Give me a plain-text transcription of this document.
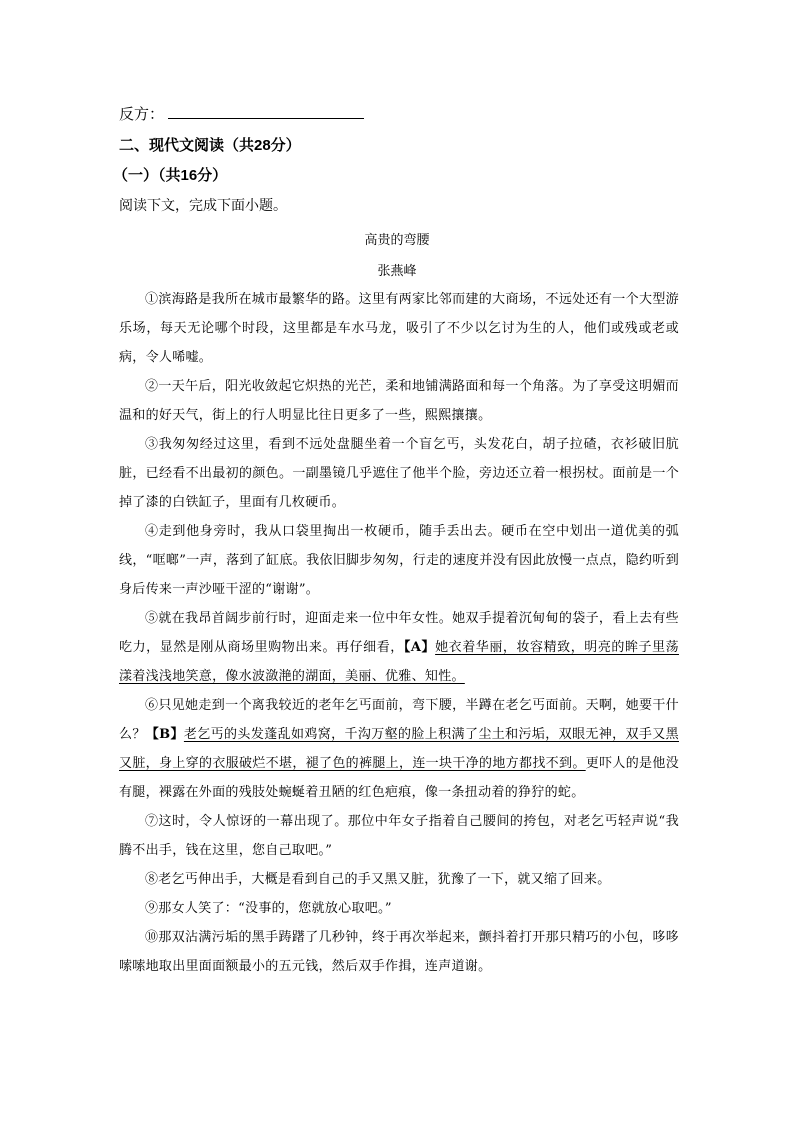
反方：
二、现代文阅读（共28分）
（一）（共16分）
阅读下文，完成下面小题。
高贵的弯腰
张燕峰

①滨海路是我所在城市最繁华的路。这里有两家比邻而建的大商场，不远处还有一个大型游乐场，每天无论哪个时段，这里都是车水马龙，吸引了不少以乞讨为生的人，他们或残或老或病，令人唏嘘。

②一天午后，阳光收敛起它炽热的光芒，柔和地铺满路面和每一个角落。为了享受这明媚而温和的好天气，街上的行人明显比往日更多了一些，熙熙攘攘。

③我匆匆经过这里，看到不远处盘腿坐着一个盲乞丐，头发花白，胡子拉碴，衣衫破旧肮脏，已经看不出最初的颜色。一副墨镜几乎遮住了他半个脸，旁边还立着一根拐杖。面前是一个掉了漆的白铁缸子，里面有几枚硬币。

④走到他身旁时，我从口袋里掏出一枚硬币，随手丢出去。硬币在空中划出一道优美的弧线，“哐啷”一声，落到了缸底。我依旧脚步匆匆，行走的速度并没有因此放慢一点点，隐约听到身后传来一声沙哑干涩的“谢谢”。

⑤就在我昂首阔步前行时，迎面走来一位中年女性。她双手提着沉甸甸的袋子，看上去有些吃力，显然是刚从商场里购物出来。再仔细看，【A】她衣着华丽，妆容精致，明亮的眸子里荡漾着浅浅地笑意，像水波潋滟的湖面，美丽、优雅、知性。

⑥只见她走到一个离我较近的老年乞丐面前，弯下腰，半蹲在老乞丐面前。天啊，她要干什么？【B】老乞丐的头发蓬乱如鸡窝，千沟万壑的脸上积满了尘土和污垢，双眼无神，双手又黑又脏，身上穿的衣服破烂不堪，褪了色的裤腿上，连一块干净的地方都找不到。更吓人的是他没有腿，裸露在外面的残肢处蜿蜒着丑陋的红色疤痕，像一条扭动着的狰狞的蛇。

⑦这时，令人惊讶的一幕出现了。那位中年女子指着自己腰间的挎包，对老乞丐轻声说“我腾不出手，钱在这里，您自己取吧。”

⑧老乞丐伸出手，大概是看到自己的手又黑又脏，犹豫了一下，就又缩了回来。

⑨那女人笑了：“没事的，您就放心取吧。”

⑩那双沾满污垢的黑手踌躇了几秒钟，终于再次举起来，颤抖着打开那只精巧的小包，哆哆嗦嗦地取出里面面额最小的五元钱，然后双手作揖，连声道谢。
